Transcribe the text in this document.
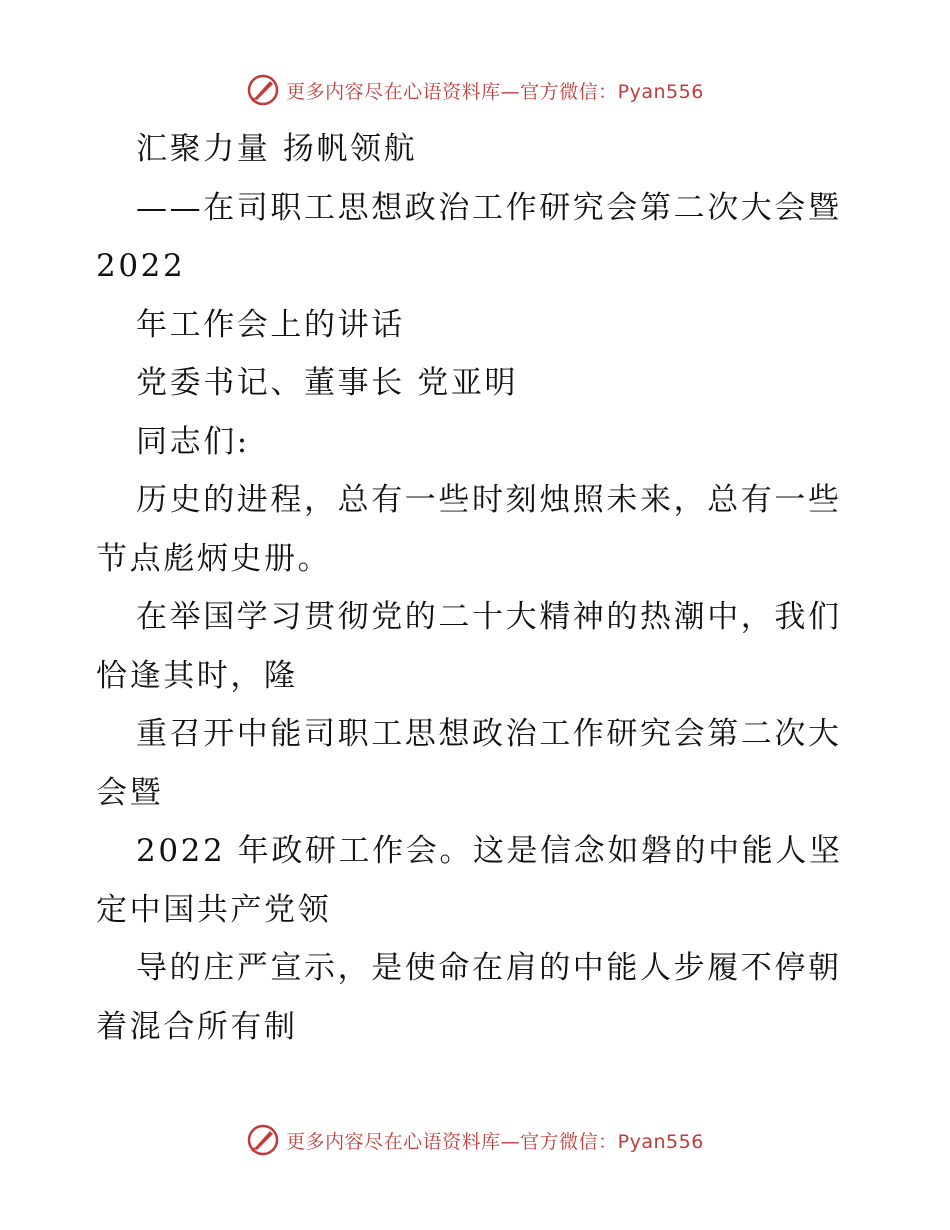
更多内容尽在心语资料库—官方微信：Pyan556
汇聚力量 扬帆领航
——在司职工思想政治工作研究会第二次大会暨
2022
年工作会上的讲话
党委书记、董事长 党亚明
同志们:
历史的进程，总有一些时刻烛照未来，总有一些
节点彪炳史册。
在举国学习贯彻党的二十大精神的热潮中，我们
恰逢其时，隆
重召开中能司职工思想政治工作研究会第二次大
会暨
2022 年政研工作会。这是信念如磐的中能人坚
定中国共产党领
导的庄严宣示，是使命在肩的中能人步履不停朝
着混合所有制
更多内容尽在心语资料库—官方微信：Pyan556
